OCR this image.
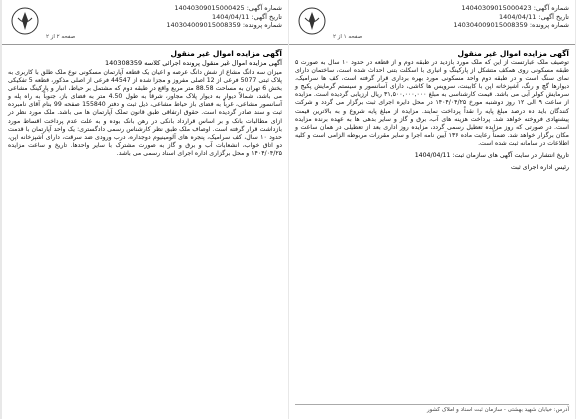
شماره آگهی: 14040309015000423
تاریخ آگهی: 1404/04/11
شماره پرونده: 140304009015008359
صفحه ۱ از ۲
آگهی مزایده اموال غیر منقول
توصیف ملک عبارتست از این که ملک مورد بازدید در طبقه دوم و از قطعه در حدود ۱۰ سال به صورت ۵ طبقه مسکونی روی همکف متشکل از پارکینگ و انباری با اسکلت بتنی احداث شده است، ساختمان دارای نمای سنگ است و در طبقه دوم واحد مسکونی مورد بهره برداری قرار گرفته است، کف ها سرامیک، دیوارها گچ و رنگ، آشپزخانه اپن با کابینت، سرویس ها کاشی، دارای آسانسور و سیستم گرمایش پکیج و سرمایش کولر آبی می باشد. قیمت کارشناسی به مبلغ ۳۱,۵۰۰,۰۰۰,۰۰۰ ریال ارزیابی گردیده است. مزایده از ساعت ۹ الی ۱۲ روز دوشنبه مورخ ۱۴۰۴/۰۴/۲۵ در محل دایره اجرای ثبت برگزار می گردد و شرکت کنندگان باید ده درصد مبلغ پایه را نقداً پرداخت نمایند. مزایده از مبلغ پایه شروع و به بالاترین قیمت پیشنهادی فروخته خواهد شد. پرداخت هزینه های آب، برق و گاز و سایر بدهی ها به عهده برنده مزایده است. در صورتی که روز مزایده تعطیل رسمی گردد، مزایده روز اداری بعد از تعطیلی در همان ساعت و مکان برگزار خواهد شد. ضمناً رعایت ماده ۱۳۶ آیین نامه اجرا و سایر مقررات مربوطه الزامی است و کلیه اطلاعات در سامانه ثبت شده است.
تاریخ انتشار در سایت آگهی های سازمان ثبت: 1404/04/11
رئیس اداره اجرای ثبت
آدرس: خیابان شهید بهشتی - سازمان ثبت اسناد و املاک کشور
شماره آگهی: 14040309015000425
تاریخ آگهی: 1404/04/11
شماره پرونده: 140304009015008359
صفحه ۲ از ۲
آگهی مزایده اموال غیر منقول
آگهی مزایده اموال غیر منقول پرونده اجرائی کلاسه 140308359
میزان سه دانگ مشاع از شش دانگ عرصه و اعیان یک قطعه آپارتمان مسکونی نوع ملک طلق با کاربری به پلاک ثبتی 5077 فرعی از 12 اصلی مفروز و مجزا شده از 44547 فرعی از اصلی مذکور، قطعه 5 تفکیکی بخش 6 تهران به مساحت 88.58 متر مربع واقع در طبقه دوم که مشتمل بر حیاط، انبار و پارکینگ مشاعی می باشد، شمالاً دیوار به دیوار پلاک مجاور، شرقاً به طول 4.50 متر به فضای باز، جنوباً به راه پله و آسانسور مشاعی، غرباً به فضای باز حیاط مشاعی، ذیل ثبت و دفتر 155840 صفحه 99 بنام آقای نامبرده ثبت و سند صادر گردیده است. حقوق ارتفاقی طبق قانون تملک آپارتمان ها می باشد. ملک مورد نظر در ازای مطالبات بانک و بر اساس قرارداد بانکی در رهن بانک بوده و به علت عدم پرداخت اقساط مورد بازداشت قرار گرفته است. اوصاف ملک طبق نظر کارشناس رسمی دادگستری: یک واحد آپارتمان با قدمت حدود ۱۰ سال، کف سرامیک، پنجره های آلومینیوم دوجداره، درب ورودی ضد سرقت، دارای آشپزخانه اپن، دو اتاق خواب، انشعابات آب و برق و گاز به صورت مشترک با سایر واحدها. تاریخ و ساعت مزایده ۱۴۰۴/۰۴/۲۵ و محل برگزاری اداره اجرای اسناد رسمی می باشد.
